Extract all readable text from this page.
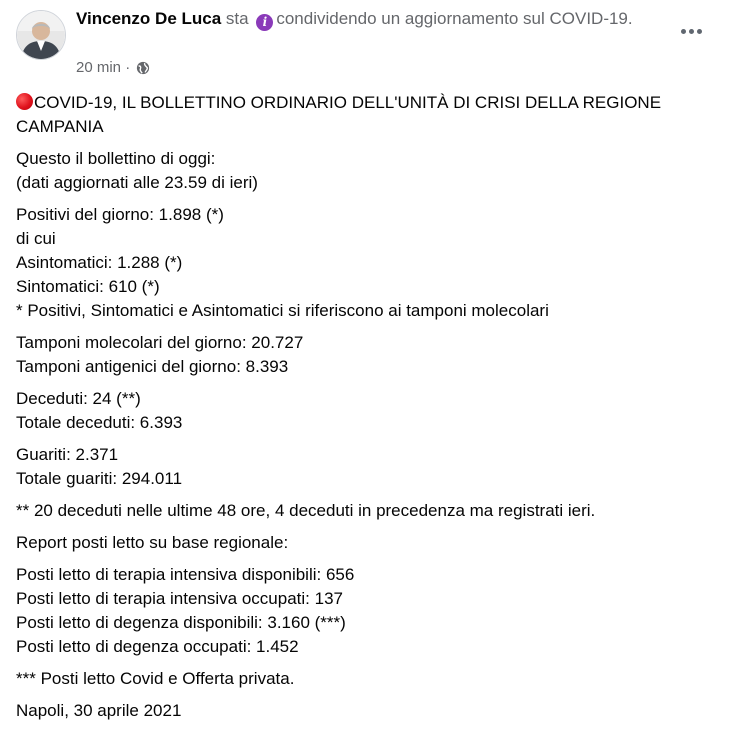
Vincenzo De Luca sta i condividendo un aggiornamento sul COVID-19.
20 min ·
COVID-19, IL BOLLETTINO ORDINARIO DELL'UNITÀ DI CRISI DELLA REGIONE CAMPANIA
Questo il bollettino di oggi:
(dati aggiornati alle 23.59 di ieri)
Positivi del giorno: 1.898 (*)
di cui
Asintomatici: 1.288 (*)
Sintomatici: 610 (*)
* Positivi, Sintomatici e Asintomatici si riferiscono ai tamponi molecolari
Tamponi molecolari del giorno: 20.727
Tamponi antigenici del giorno: 8.393
Deceduti: 24 (**)
Totale deceduti: 6.393
Guariti: 2.371
Totale guariti: 294.011
** 20 deceduti nelle ultime 48 ore, 4 deceduti in precedenza ma registrati ieri.
Report posti letto su base regionale:
Posti letto di terapia intensiva disponibili: 656
Posti letto di terapia intensiva occupati: 137
Posti letto di degenza disponibili: 3.160 (***)
Posti letto di degenza occupati: 1.452
*** Posti letto Covid e Offerta privata.
Napoli, 30 aprile 2021
